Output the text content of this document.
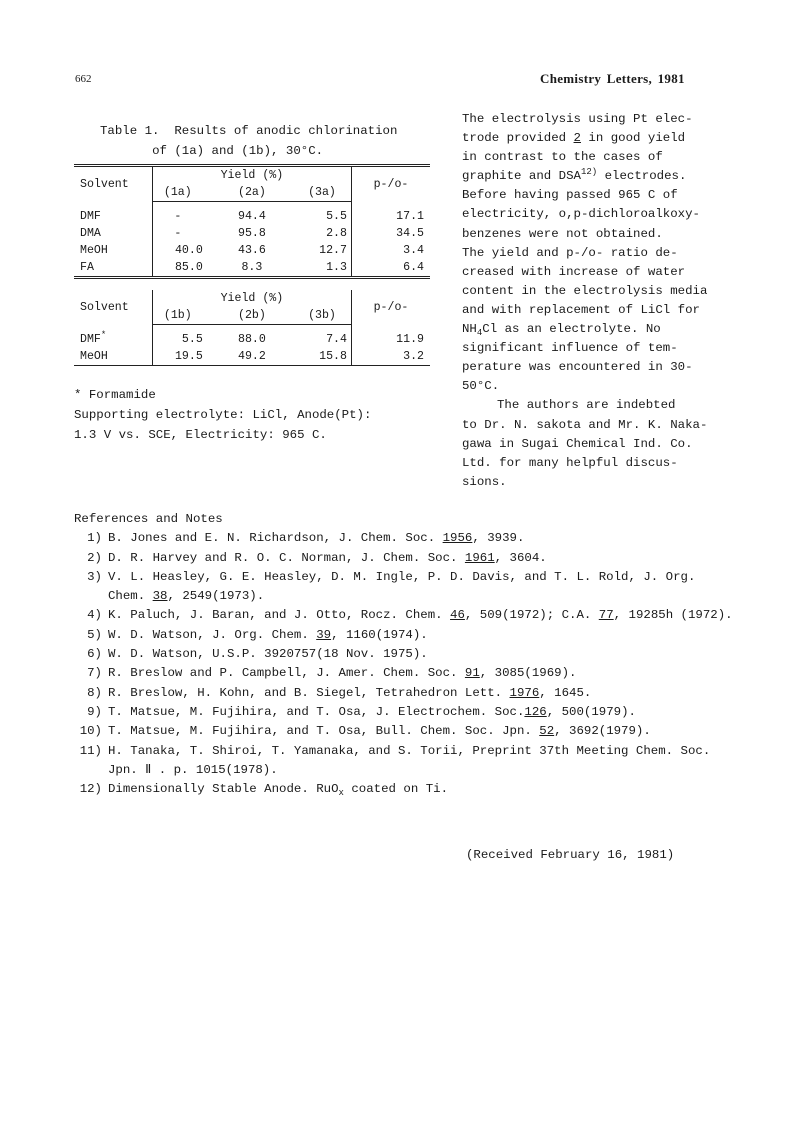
662	Chemistry Letters, 1981
Table 1.  Results of anodic chlorination
of (1a) and (1b), 30°C.
Solvent	Yield (%)			p-/o-
	(1a)	(2a)	(3a)	
DMF	-	94.4	5.5	17.1
DMA	-	95.8	2.8	34.5
MeOH	40.0	43.6	12.7	3.4
FA	85.0	8.3	1.3	6.4
Solvent	Yield (%)			p-/o-
	(1b)	(2b)	(3b)	
DMF*	5.5	88.0	7.4	11.9
MeOH	19.5	49.2	15.8	3.2
* Formamide
Supporting electrolyte: LiCl, Anode(Pt):
1.3 V vs. SCE, Electricity: 965 C.
The electrolysis using Pt elec-
trode provided 2 in good yield
in contrast to the cases of
graphite and DSA$^{12)}$ electrodes.
Before having passed 965 C of
electricity, o,p-dichloroalkoxy-
benzenes were not obtained.
The yield and p-/o- ratio de-
creased with increase of water
content in the electrolysis media
and with replacement of LiCl for
$NH_4Cl$ as an electrolyte. No
significant influence of tem-
perature was encountered in 30-
50°C.
The authors are indebted
to Dr. N. sakota and Mr. K. Naka-
gawa in Sugai Chemical Ind. Co.
Ltd. for many helpful discus-
sions.
References and Notes
1) B. Jones and E. N. Richardson, J. Chem. Soc. 1956, 3939.
2) D. R. Harvey and R. O. C. Norman, J. Chem. Soc. 1961, 3604.
3) V. L. Heasley, G. E. Heasley, D. M. Ingle, P. D. Davis, and T. L. Rold, J. Org. Chem. 38, 2549(1973).
4) K. Paluch, J. Baran, and J. Otto, Rocz. Chem. 46, 509(1972); C.A. 77, 19285h (1972).
5) W. D. Watson, J. Org. Chem. 39, 1160(1974).
6) W. D. Watson, U.S.P. 3920757(18 Nov. 1975).
7) R. Breslow and P. Campbell, J. Amer. Chem. Soc. 91, 3085(1969).
8) R. Breslow, H. Kohn, and B. Siegel, Tetrahedron Lett. 1976, 1645.
9) T. Matsue, M. Fujihira, and T. Osa, J. Electrochem. Soc.126, 500(1979).
10) T. Matsue, M. Fujihira, and T. Osa, Bull. Chem. Soc. Jpn. 52, 3692(1979).
11) H. Tanaka, T. Shiroi, T. Yamanaka, and S. Torii, Preprint 37th Meeting Chem. Soc. Jpn. Ⅱ . p. 1015(1978).
12) Dimensionally Stable Anode. RuO$_x$ coated on Ti.
(Received February 16, 1981)
